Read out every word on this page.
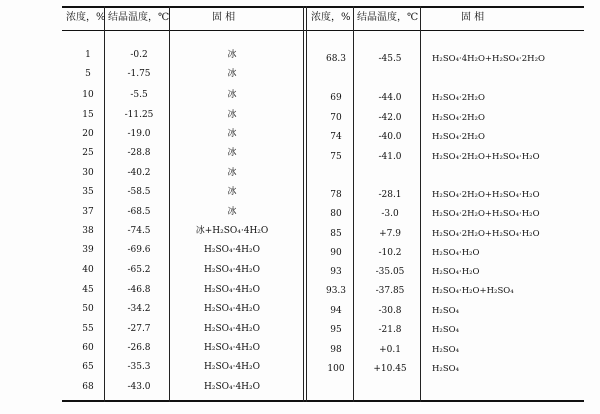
浓度，% 结晶温度，℃	固 相	浓度，% 结晶温度，℃	固 相
1	-0.2	冰
5	-1.75	冰
10	-5.5	冰
15	-11.25	冰
20	-19.0	冰
25	-28.8	冰
30	-40.2	冰
35	-58.5	冰
37	-68.5	冰
38	-74.5	冰+H₂SO₄·4H₂O
39	-69.6	H₂SO₄·4H₂O
40	-65.2	H₂SO₄·4H₂O
45	-46.8	H₂SO₄·4H₂O
50	-34.2	H₂SO₄·4H₂O
55	-27.7	H₂SO₄·4H₂O
60	-26.8	H₂SO₄·4H₂O
65	-35.3	H₂SO₄·4H₂O
68	-43.0	H₂SO₄·4H₂O
68.3	-45.5	H₂SO₄·4H₂O+H₂SO₄·2H₂O
69	-44.0	H₂SO₄·2H₂O
70	-42.0	H₂SO₄·2H₂O
74	-40.0	H₂SO₄·2H₂O
75	-41.0	H₂SO₄·2H₂O+H₂SO₄·H₂O
78	-28.1	H₂SO₄·2H₂O+H₂SO₄·H₂O
80	-3.0	H₂SO₄·2H₂O+H₂SO₄·H₂O
85	+7.9	H₂SO₄·2H₂O+H₂SO₄·H₂O
90	-10.2	H₂SO₄·H₂O
93	-35.05	H₂SO₄·H₂O
93.3	-37.85	H₂SO₄·H₂O+H₂SO₄
94	-30.8	H₂SO₄
95	-21.8	H₂SO₄
98	+0.1	H₂SO₄
100	+10.45	H₂SO₄
